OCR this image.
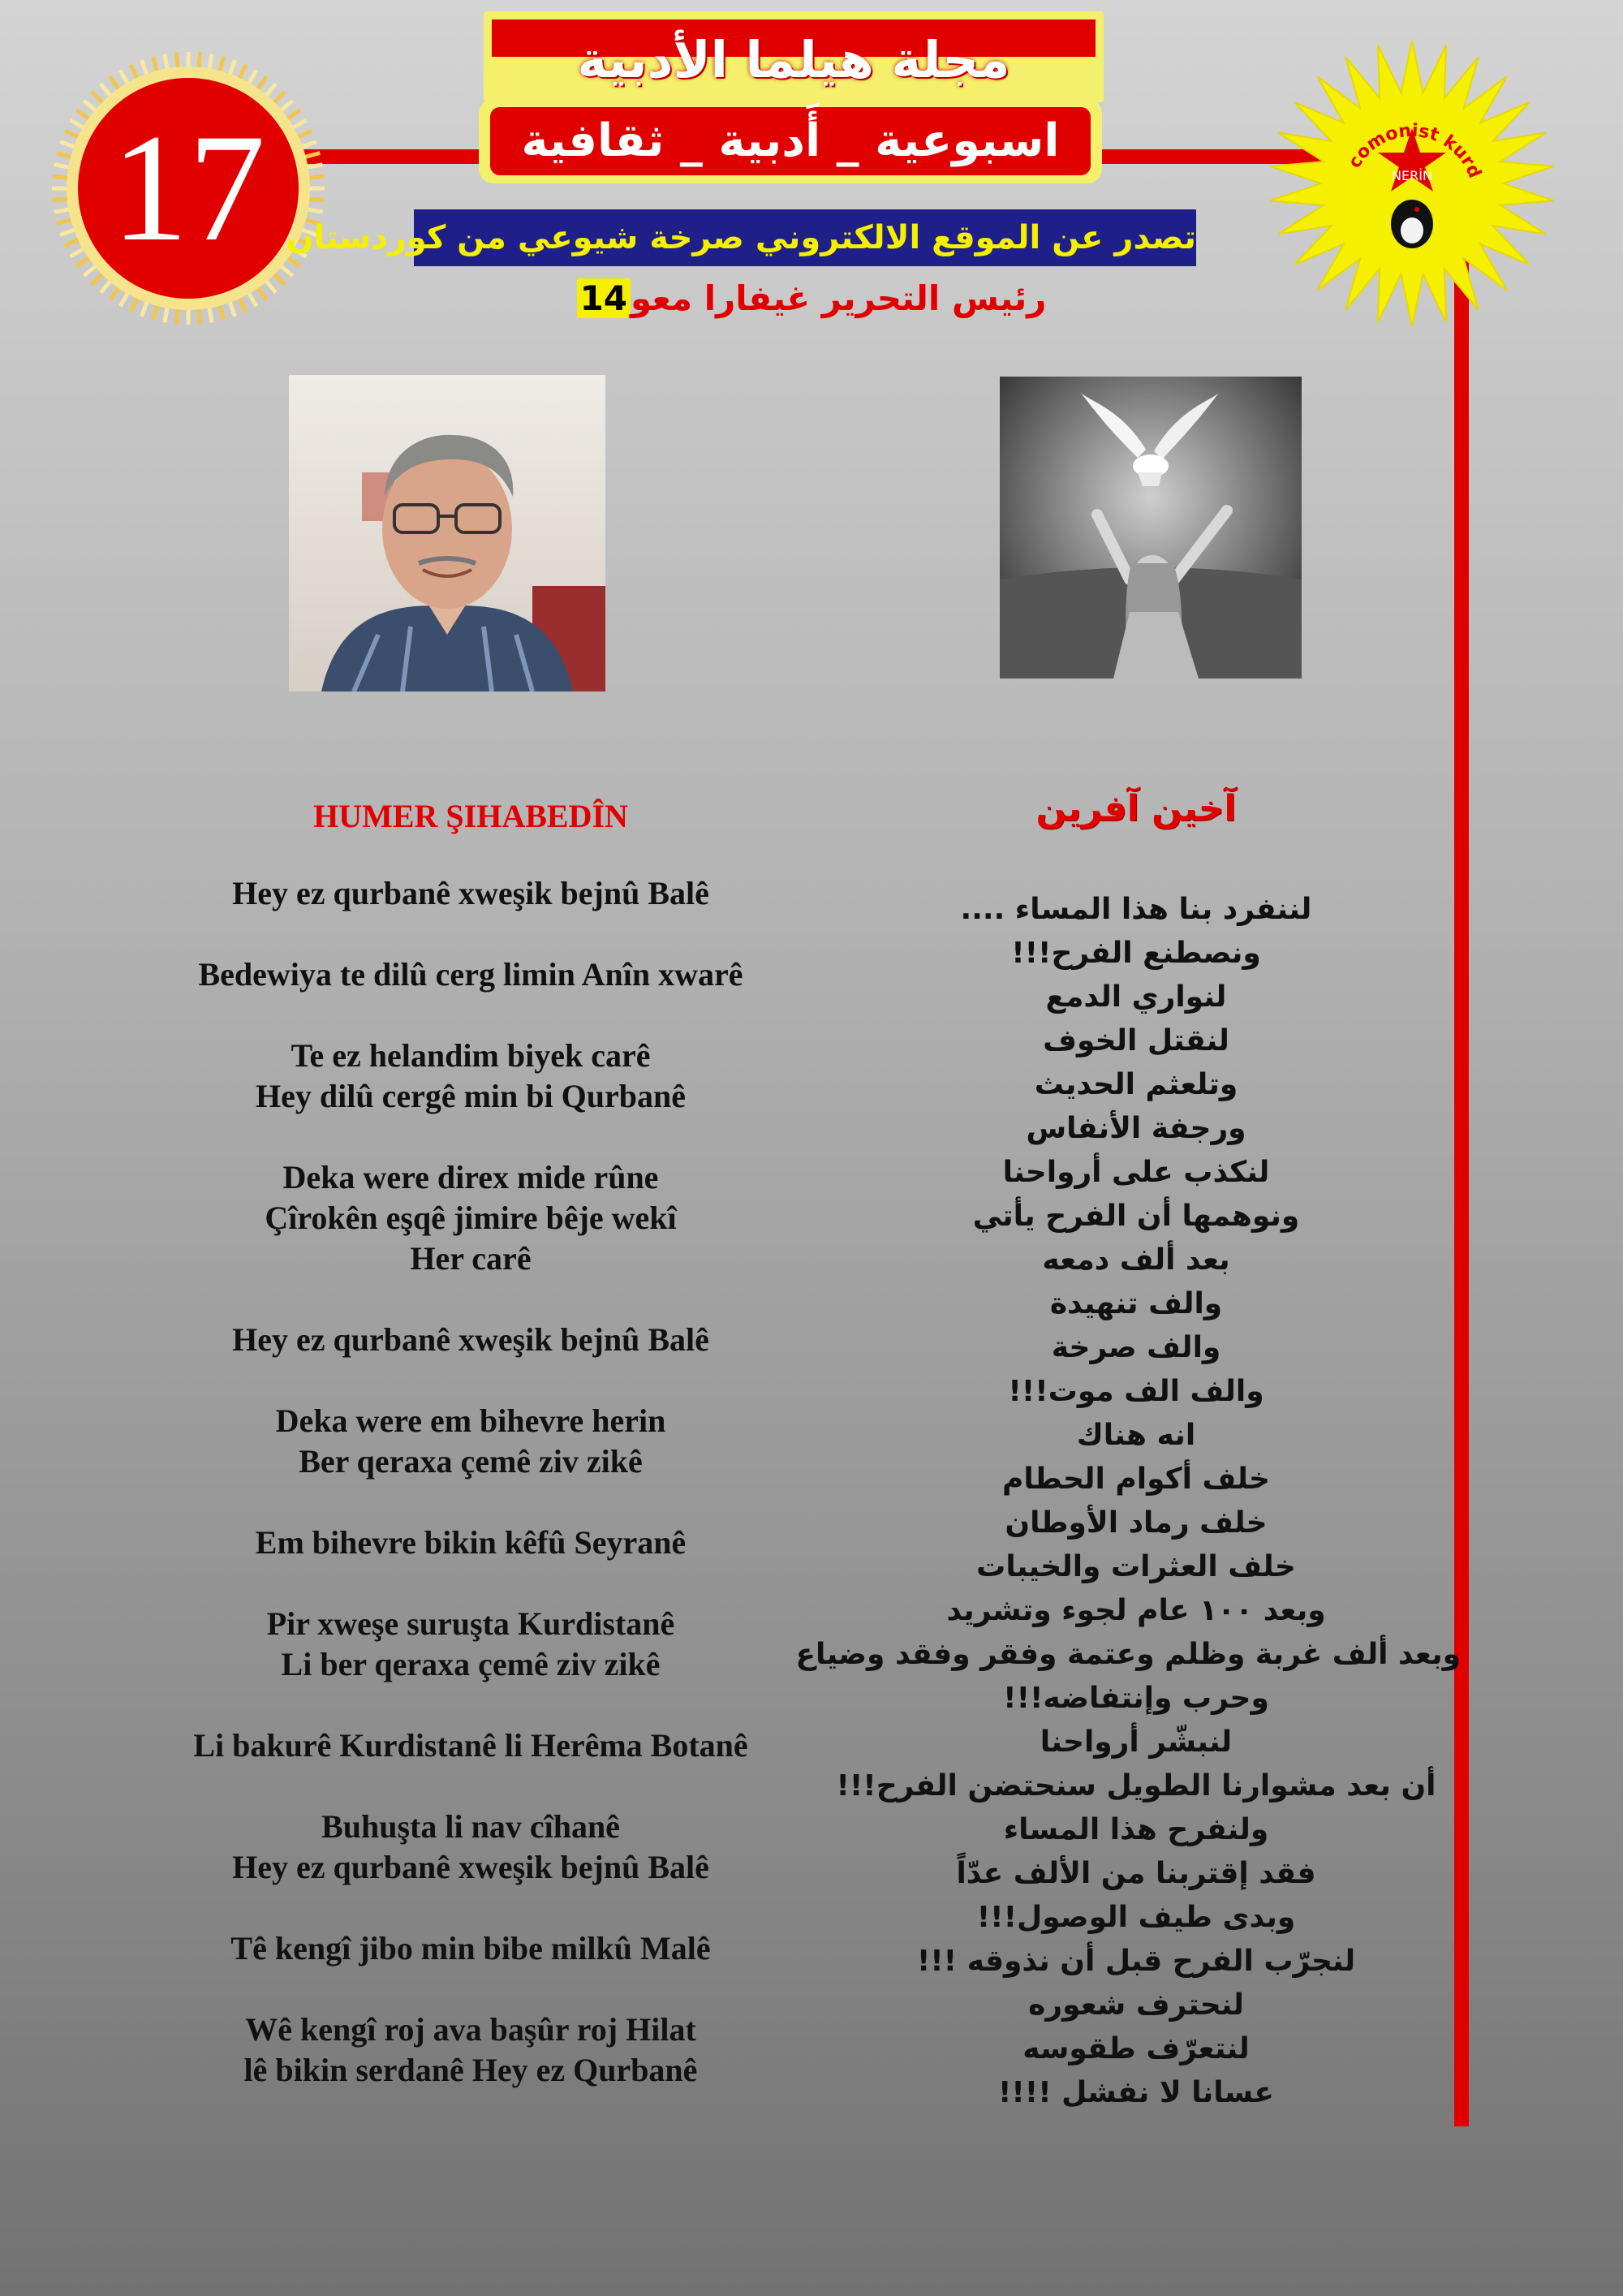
17
مجلة هيلما الأدبية
اسبوعية _ أَدبية _ ثقافية
تصدر عن الموقع الالكتروني صرخة شيوعي من كوردستان
رئيس التحرير غيفارا معو14
comonist kurd
NERİN
HUMER ŞIHABEDÎN
Hey ez qurbanê xweşik bejnû Balê
Bedewiya te dilû cerg limin Anîn xwarê
Te ez helandim biyek carê
Hey dilû cergê min bi Qurbanê
Deka were direx mide rûne
Çîrokên eşqê jimire bêje wekî
Her carê
Hey ez qurbanê xweşik bejnû Balê
Deka were em bihevre herin
Ber qeraxa çemê ziv zikê
Em bihevre bikin kêfû Seyranê
Pir xweşe suruşta Kurdistanê
Li ber qeraxa çemê ziv zikê
Li bakurê Kurdistanê li Herêma Botanê
Buhuşta li nav cîhanê
Hey ez qurbanê xweşik bejnû Balê
Tê kengî jibo min bibe milkû Malê
Wê kengî roj ava başûr roj Hilat
lê bikin serdanê Hey ez Qurbanê
آخين آفرين
لننفرد بنا هذا المساء ....
ونصطنع الفرح!!!
لنواري الدمع
لنقتل الخوف
وتلعثم الحديث
ورجفة الأنفاس
لنكذب على أرواحنا
ونوهمها أن الفرح يأتي
بعد ألف دمعه
والف تنهيدة
والف صرخة
والف الف موت!!!
انه هناك
خلف أكوام الحطام
خلف رماد الأوطان
خلف العثرات والخيبات
وبعد ١٠٠ عام لجوء وتشريد
وبعد ألف غربة وظلم وعتمة وفقر وفقد وضياع
وحرب وإنتفاضه!!!
لنبشّر أرواحنا
أن بعد مشوارنا الطويل سنحتضن الفرح!!!
ولنفرح هذا المساء
فقد إقتربنا من الألف عدّاً
وبدى طيف الوصول!!!
لنجرّب الفرح قبل أن نذوقه !!!
لنحترف شعوره
لنتعرّف طقوسه
عسانا لا نفشل !!!!
